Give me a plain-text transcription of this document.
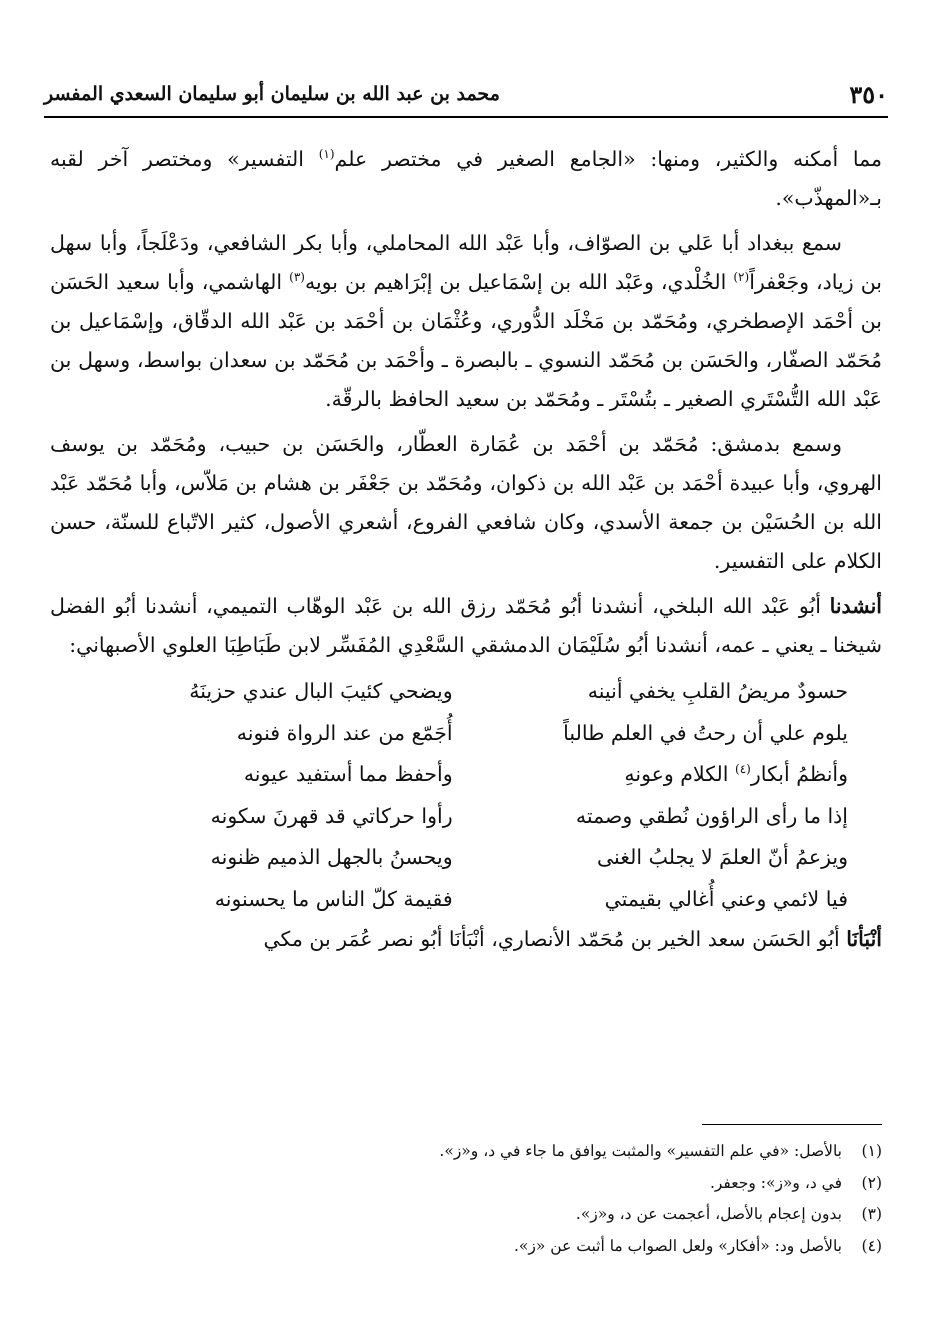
٣٥٠
محمد بن عبد الله بن سليمان أبو سليمان السعدي المفسر

مما أمكنه والكثير، ومنها: «الجامع الصغير في مختصر علم$^{(١)}$ التفسير» ومختصر آخر لقبه بـ«المهذّب».

سمع ببغداد أبا عَلي بن الصوّاف، وأبا عَبْد الله المحاملي، وأبا بكر الشافعي، ودَعْلَجاً، وأبا سهل بن زياد، وجَعْفراً$^{(٢)}$ الخُلْدي، وعَبْد الله بن إسْمَاعيل بن إبْرَاهيم بن بويه$^{(٣)}$ الهاشمي، وأبا سعيد الحَسَن بن أحْمَد الإصطخري، ومُحَمّد بن مَخْلَد الدُّوري، وعُثْمَان بن أحْمَد بن عَبْد الله الدقّاق، وإسْمَاعيل بن مُحَمّد الصفّار، والحَسَن بن مُحَمّد النسوي ـ بالبصرة ـ وأحْمَد بن مُحَمّد بن سعدان بواسط، وسهل بن عَبْد الله التُّسْتَري الصغير ـ بتُسْتَر ـ ومُحَمّد بن سعيد الحافظ بالرقّة.

وسمع بدمشق: مُحَمّد بن أحْمَد بن عُمَارة العطّار، والحَسَن بن حبيب، ومُحَمّد بن يوسف الهروي، وأبا عبيدة أحْمَد بن عَبْد الله بن ذكوان، ومُحَمّد بن جَعْفَر بن هشام بن مَلاّس، وأبا مُحَمّد عَبْد الله بن الحُسَيْن بن جمعة الأسدي، وكان شافعي الفروع، أشعري الأصول، كثير الاتّباع للسنّة، حسن الكلام على التفسير.

أنشدنا أبُو عَبْد الله البلخي، أنشدنا أبُو مُحَمّد رزق الله بن عَبْد الوهّاب التميمي، أنشدنا أبُو الفضل شيخنا ـ يعني ـ عمه، أنشدنا أبُو سُلَيْمَان الدمشقي السَّعْدِي المُفَسِّر لابن طَبَاطِبَا العلوي الأصبهاني:

حسودٌ مريضُ القلبِ يخفي أنينه
ويضحي كئيبَ البال عندي حزينَهُ
يلوم علي أن رحتُ في العلم طالباً
أُجَمّع من عند الرواة فنونه
وأنظمُ أبكار$^{(٤)}$ الكلام وعونهِ
وأحفظ مما أستفيد عيونه
إذا ما رأى الراؤون نُطقي وصمته
رأوا حركاتي قد قهرنَ سكونه
ويزعمُ أنّ العلمَ لا يجلبُ الغنى
ويحسنُ بالجهل الذميم ظنونه
فيا لائمي وعني أُغالي بقيمتي
فقيمة كلّ الناس ما يحسنونه

أنْبَأنَا أبُو الحَسَن سعد الخير بن مُحَمّد الأنصاري، أنْبَأنَا أبُو نصر عُمَر بن مكي

(١)بالأصل: «في علم التفسير» والمثبت يوافق ما جاء في د، و«ز».
(٢)في د، و«ز»: وجعفر.
(٣)بدون إعجام بالأصل، أعجمت عن د، و«ز».
(٤)بالأصل ود: «أفكار» ولعل الصواب ما أثبت عن «ز».
